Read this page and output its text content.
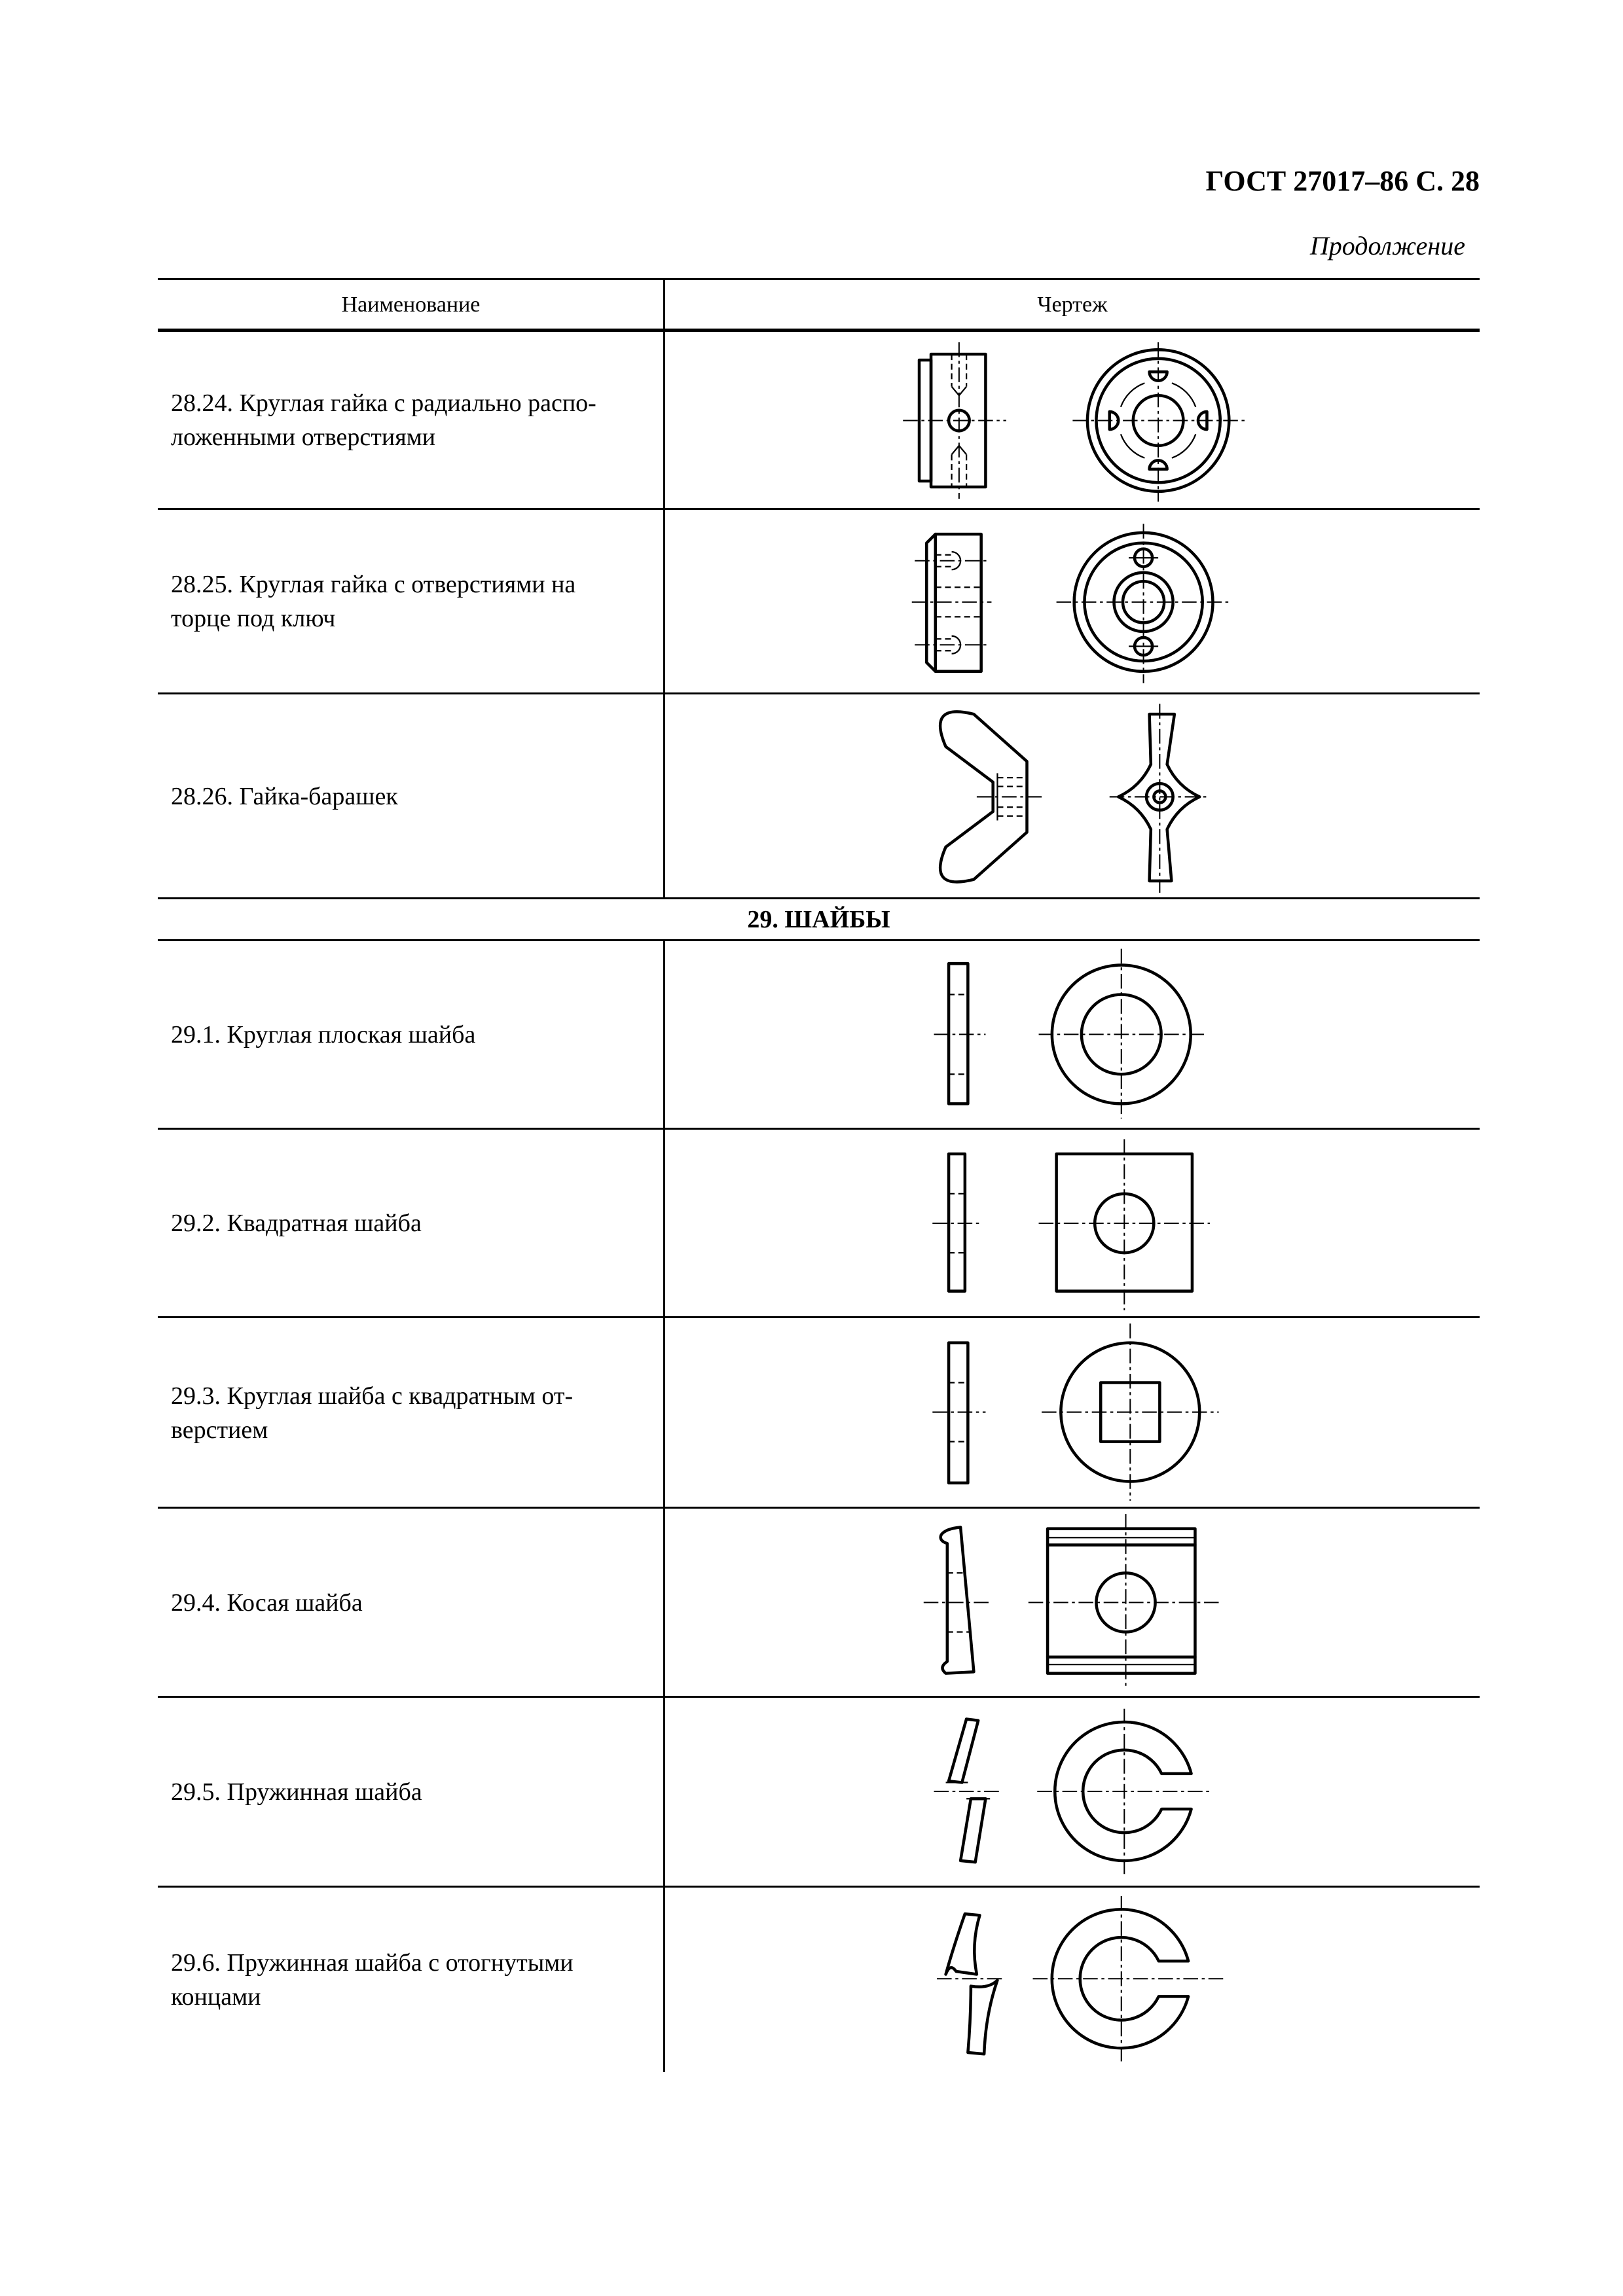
ГОСТ 27017–86 С. 28
Продолжение
Наименование	Чертеж
28.24. Круглая гайка с радиально распо-
ложенными отверстиями
28.25. Круглая гайка с отверстиями на
торце под ключ
28.26. Гайка-барашек
29. ШАЙБЫ
29.1. Круглая плоская шайба
29.2. Квадратная шайба
29.3. Круглая шайба с квадратным от-
верстием
29.4. Косая шайба
29.5. Пружинная шайба
29.6. Пружинная шайба с отогнутыми
концами
